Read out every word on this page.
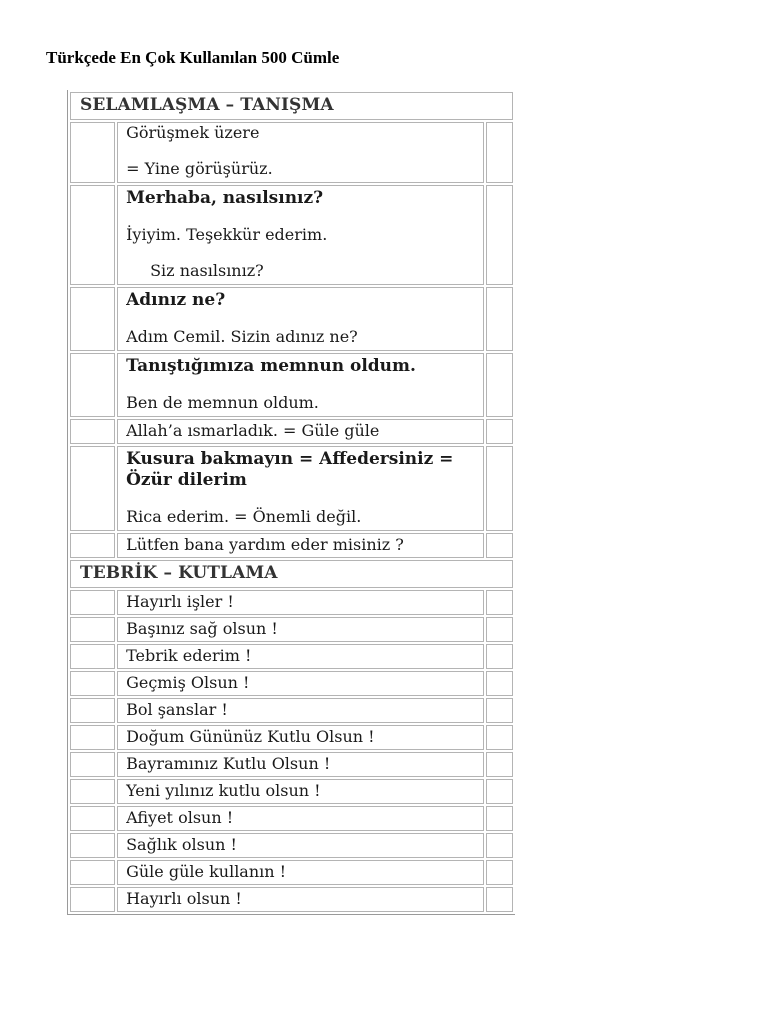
Türkçede En Çok Kullanılan 500 Cümle
SELAMLAŞMA – TANIŞMA		

	Görüşmek üzere
= Yine görüşürüz.	

	Merhaba, nasılsınız?
İyiyim. Teşekkür ederim.
Siz nasılsınız?	

	Adınız ne?
Adım Cemil. Sizin adınız ne?	

	Tanıştığımıza memnun oldum.
Ben de memnun oldum.	

	Allah’a ısmarladık. = Güle güle	

	Kusura bakmayın = Affedersiniz = Özür dilerim
Rica ederim. = Önemli değil.	

	Lütfen bana yardım eder misiniz ?	

TEBRİK – KUTLAMA		

	Hayırlı işler !	

	Başınız sağ olsun !	

	Tebrik ederim !	

	Geçmiş Olsun !	

	Bol şanslar !	

	Doğum Gününüz Kutlu Olsun !	

	Bayramınız Kutlu Olsun !	

	Yeni yılınız kutlu olsun !	

	Afiyet olsun !	

	Sağlık olsun !	

	Güle güle kullanın !	

	Hayırlı olsun !	
